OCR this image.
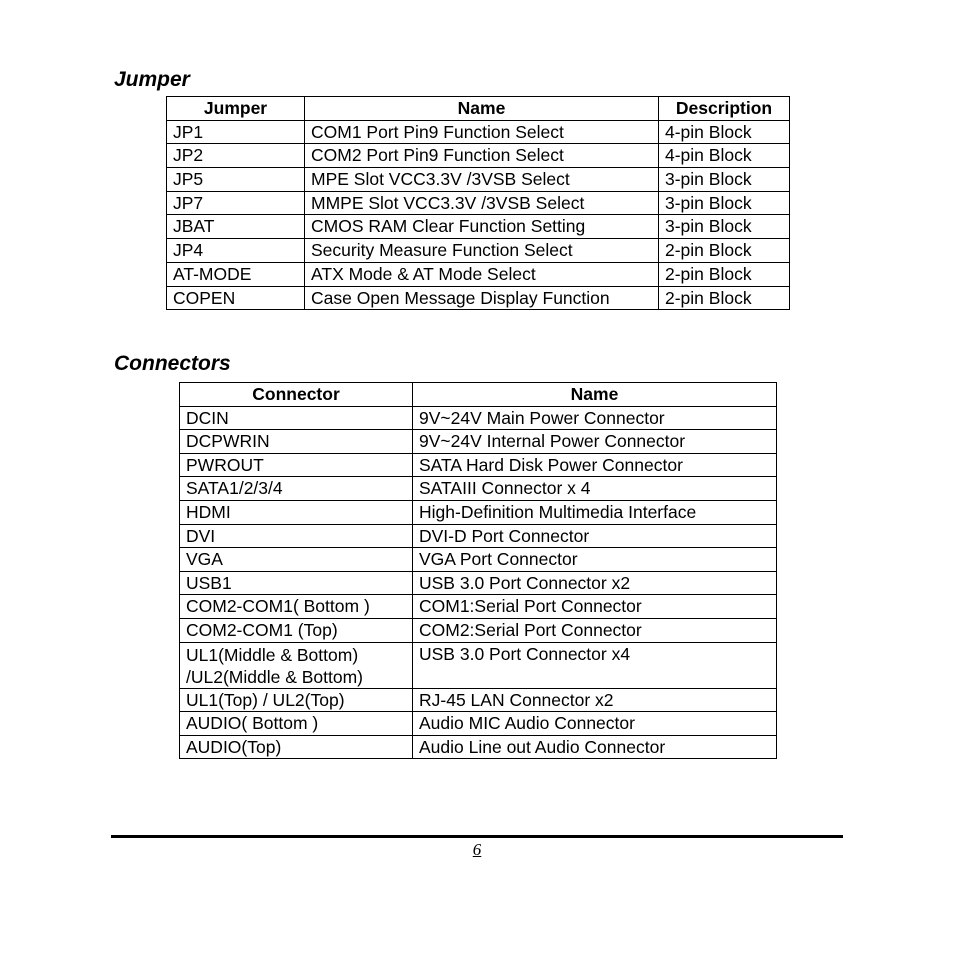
Jumper
Jumper	Name	Description
JP1	COM1 Port Pin9 Function Select	4-pin Block
JP2	COM2 Port Pin9 Function Select	4-pin Block
JP5	MPE Slot VCC3.3V /3VSB Select	3-pin Block
JP7	MMPE Slot VCC3.3V /3VSB Select	3-pin Block
JBAT	CMOS RAM Clear Function Setting	3-pin Block
JP4	Security Measure Function Select	2-pin Block
AT-MODE	ATX Mode & AT Mode Select	2-pin Block
COPEN	Case Open Message Display Function	2-pin Block
Connectors
Connector	Name
DCIN	9V~24V Main Power Connector
DCPWRIN	9V~24V Internal Power Connector
PWROUT	SATA Hard Disk Power Connector
SATA1/2/3/4	SATAIII Connector x 4
HDMI	High-Definition Multimedia Interface
DVI	DVI-D Port Connector
VGA	VGA Port Connector
USB1	USB 3.0 Port Connector x2
COM2-COM1( Bottom )	COM1:Serial Port Connector
COM2-COM1 (Top)	COM2:Serial Port Connector
UL1(Middle & Bottom) /UL2(Middle & Bottom)	USB 3.0 Port Connector x4
UL1(Top) / UL2(Top)	RJ-45 LAN Connector x2
AUDIO( Bottom )	Audio MIC Audio Connector
AUDIO(Top)	Audio Line out Audio Connector
6
